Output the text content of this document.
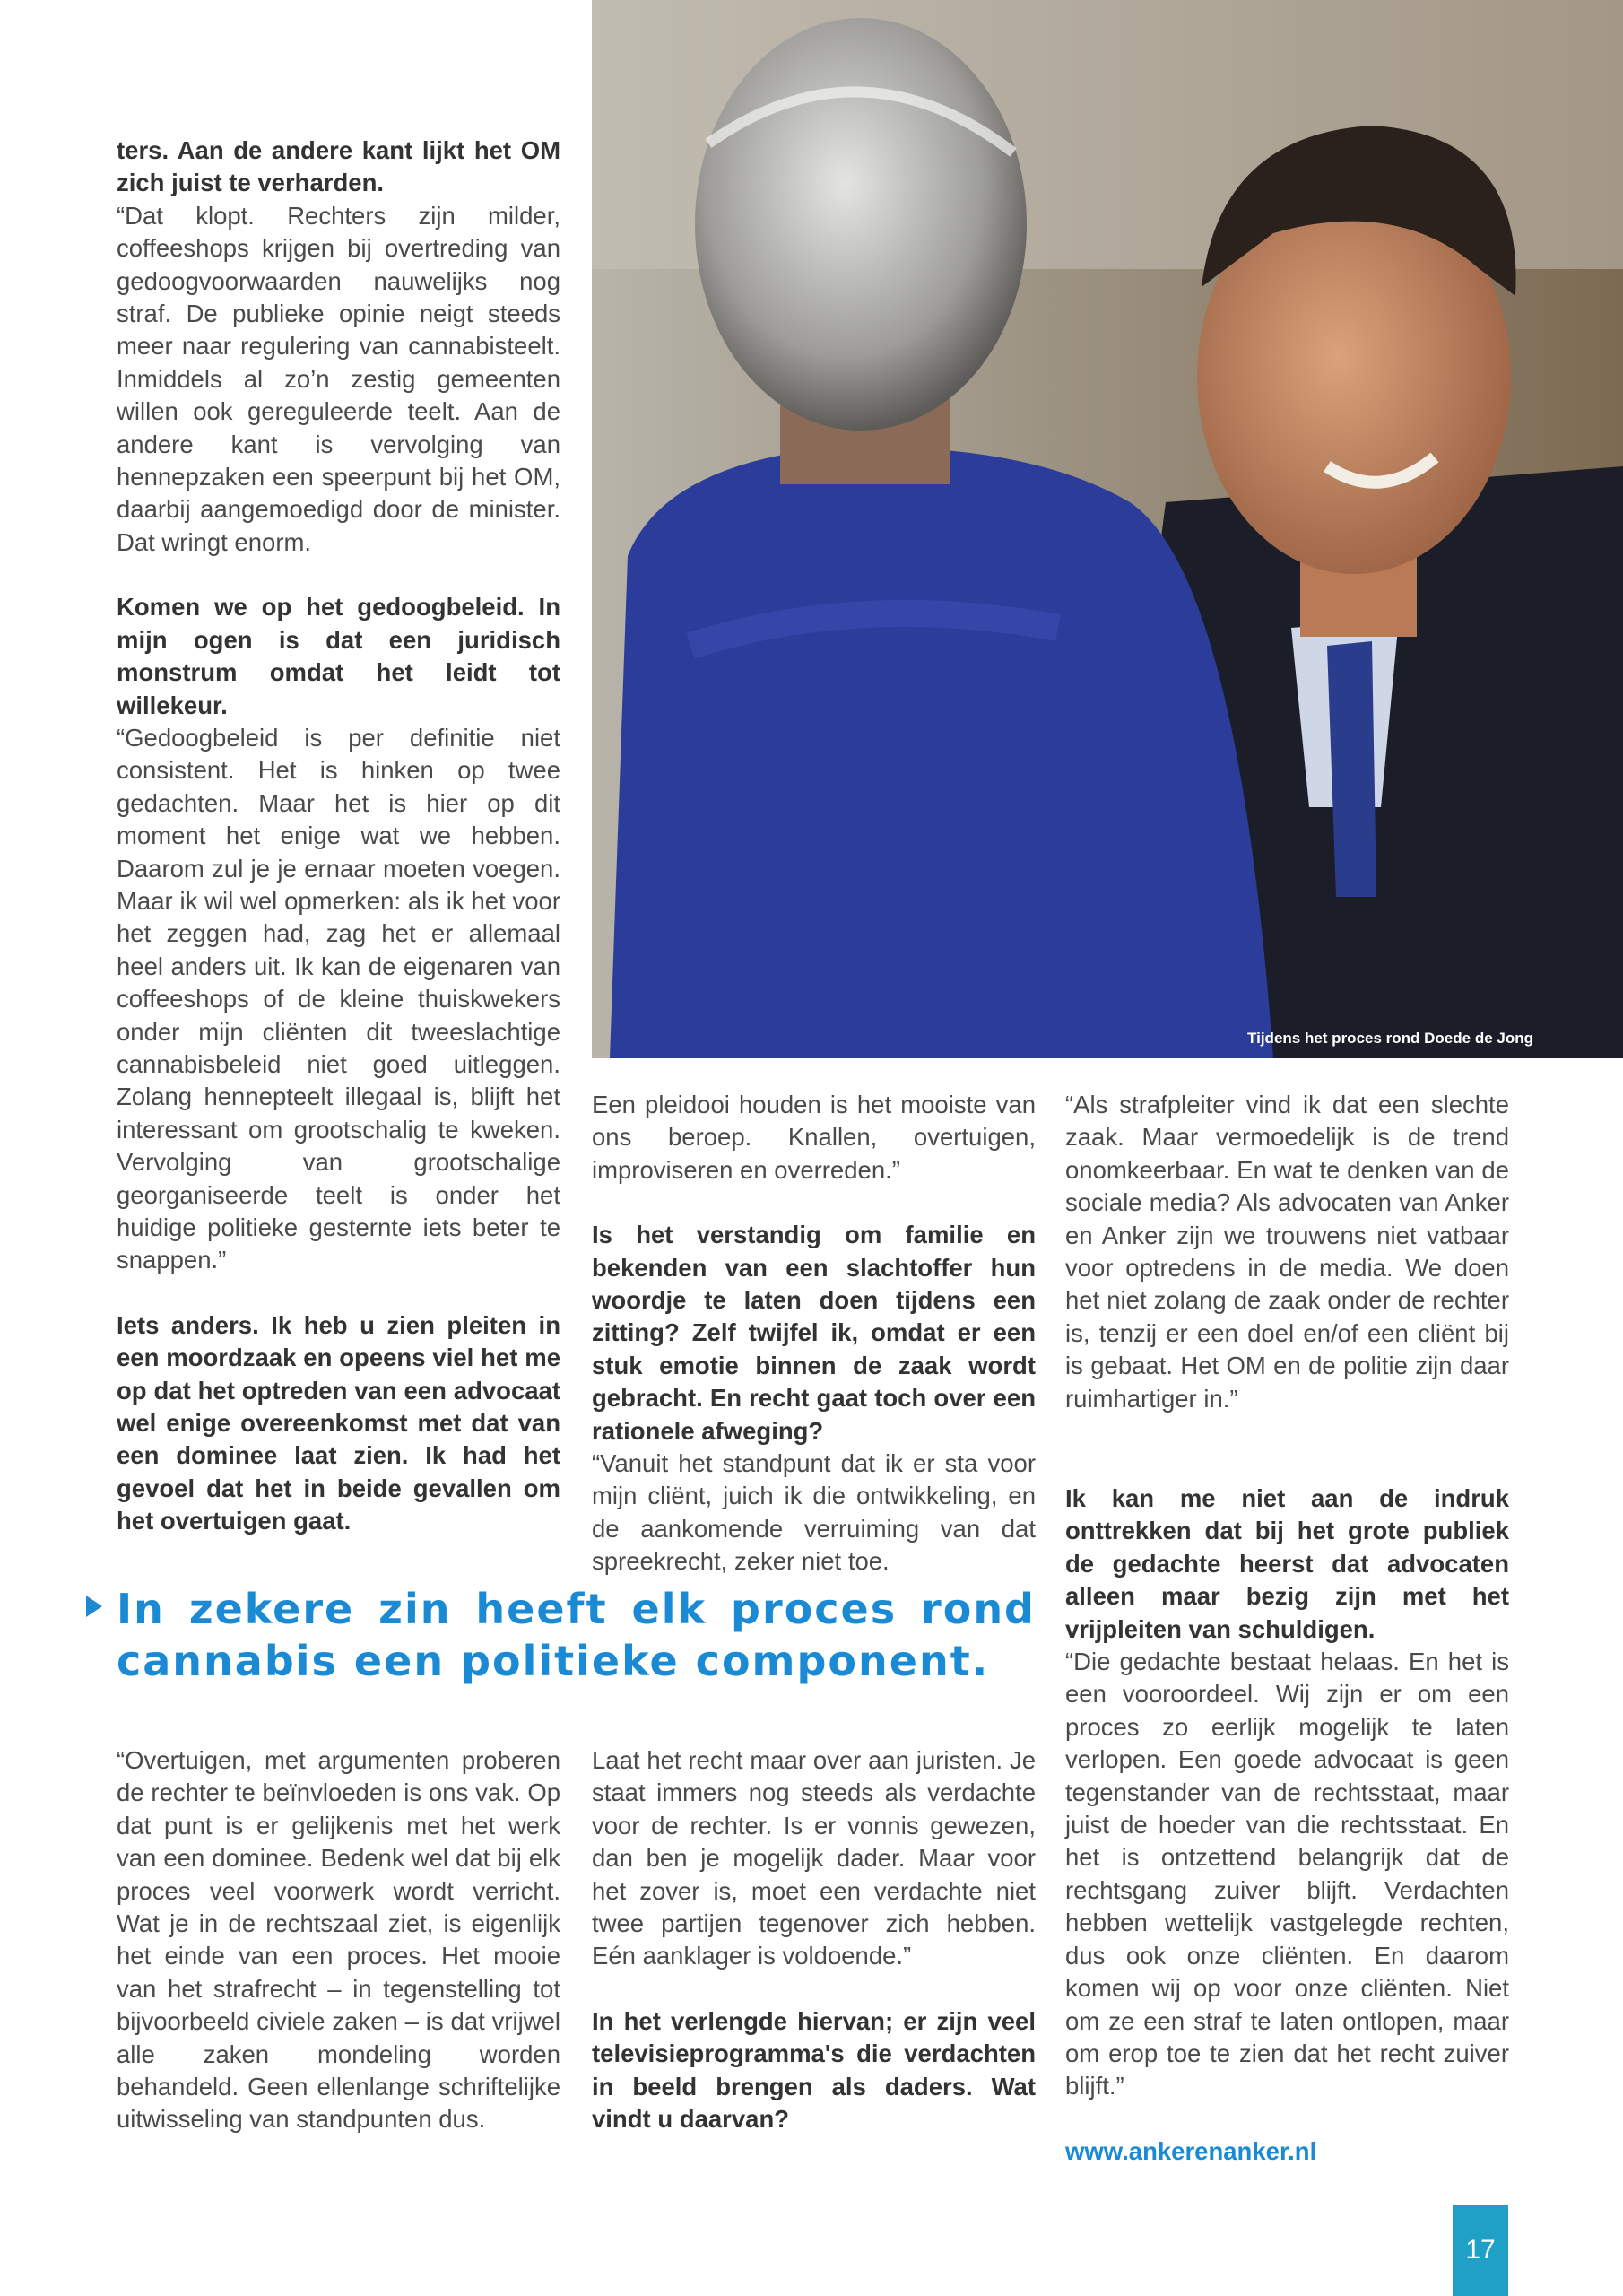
Tijdens het proces rond Doede de Jong

ters. Aan de andere kant lijkt het OM zich juist te verharden.

“Dat klopt. Rechters zijn milder, coffeeshops krijgen bij overtreding van gedoogvoorwaarden nauwelijks nog straf. De publieke opinie neigt steeds meer naar regulering van cannabisteelt. Inmiddels al zo’n zestig gemeenten willen ook gereguleerde teelt. Aan de andere kant is vervolging van hennepzaken een speerpunt bij het OM, daarbij aangemoedigd door de minister. Dat wringt enorm.

Komen we op het gedoogbeleid. In mijn ogen is dat een juridisch monstrum omdat het leidt tot willekeur.

“Gedoogbeleid is per definitie niet consistent. Het is hinken op twee gedachten. Maar het is hier op dit moment het enige wat we hebben. Daarom zul je je ernaar moeten voegen. Maar ik wil wel opmerken: als ik het voor het zeggen had, zag het er allemaal heel anders uit. Ik kan de eigenaren van coffeeshops of de kleine thuiskwekers onder mijn cliënten dit tweeslachtige cannabisbeleid niet goed uitleggen. Zolang hennepteelt illegaal is, blijft het interessant om grootschalig te kweken. Vervolging van grootschalige georganiseerde teelt is onder het huidige politieke gesternte iets beter te snappen.”

Iets anders. Ik heb u zien pleiten in een moordzaak en opeens viel het me op dat het optreden van een advocaat wel enige overeenkomst met dat van een dominee laat zien. Ik had het gevoel dat het in beide gevallen om het overtuigen gaat.

Een pleidooi houden is het mooiste van ons beroep. Knallen, overtuigen, improviseren en overreden.”

Is het verstandig om familie en bekenden van een slachtoffer hun woordje te laten doen tijdens een zitting? Zelf twijfel ik, omdat er een stuk emotie binnen de zaak wordt gebracht. En recht gaat toch over een rationele afweging?

“Vanuit het standpunt dat ik er sta voor mijn cliënt, juich ik die ontwikkeling, en de aankomende verruiming van dat spreekrecht, zeker niet toe.

“Als strafpleiter vind ik dat een slechte zaak. Maar vermoedelijk is de trend onomkeerbaar. En wat te denken van de sociale media? Als advocaten van Anker en Anker zijn we trouwens niet vatbaar voor optredens in de media. We doen het niet zolang de zaak onder de rechter is, tenzij er een doel en/of een cliënt bij is gebaat. Het OM en de politie zijn daar ruimhartiger in.”

Ik kan me niet aan de indruk onttrekken dat bij het grote publiek de gedachte heerst dat advocaten alleen maar bezig zijn met het vrijpleiten van schuldigen.

“Die gedachte bestaat helaas. En het is een vooroordeel. Wij zijn er om een proces zo eerlijk mogelijk te laten verlopen. Een goede advocaat is geen tegenstander van de rechtsstaat, maar juist de hoeder van die rechtsstaat. En het is ontzettend belangrijk dat de rechtsgang zuiver blijft. Verdachten hebben wettelijk vastgelegde rechten, dus ook onze cliënten. En daarom komen wij op voor onze cliënten. Niet om ze een straf te laten ontlopen, maar om erop toe te zien dat het recht zuiver blijft.”

www.ankerenanker.nl

In zekere zin heeft elk proces rond cannabis een politieke component.

“Overtuigen, met argumenten proberen de rechter te beïnvloeden is ons vak. Op dat punt is er gelijkenis met het werk van een dominee. Bedenk wel dat bij elk proces veel voorwerk wordt verricht. Wat je in de rechtszaal ziet, is eigenlijk het einde van een proces. Het mooie van het strafrecht – in tegenstelling tot bijvoorbeeld civiele zaken – is dat vrijwel alle zaken mondeling worden behandeld. Geen ellenlange schriftelijke uitwisseling van standpunten dus.

Laat het recht maar over aan juristen. Je staat immers nog steeds als verdachte voor de rechter. Is er vonnis gewezen, dan ben je mogelijk dader. Maar voor het zover is, moet een verdachte niet twee partijen tegenover zich hebben. Eén aanklager is voldoende.”

In het verlengde hiervan; er zijn veel televisieprogramma's die verdachten in beeld brengen als daders. Wat vindt u daarvan?

17
